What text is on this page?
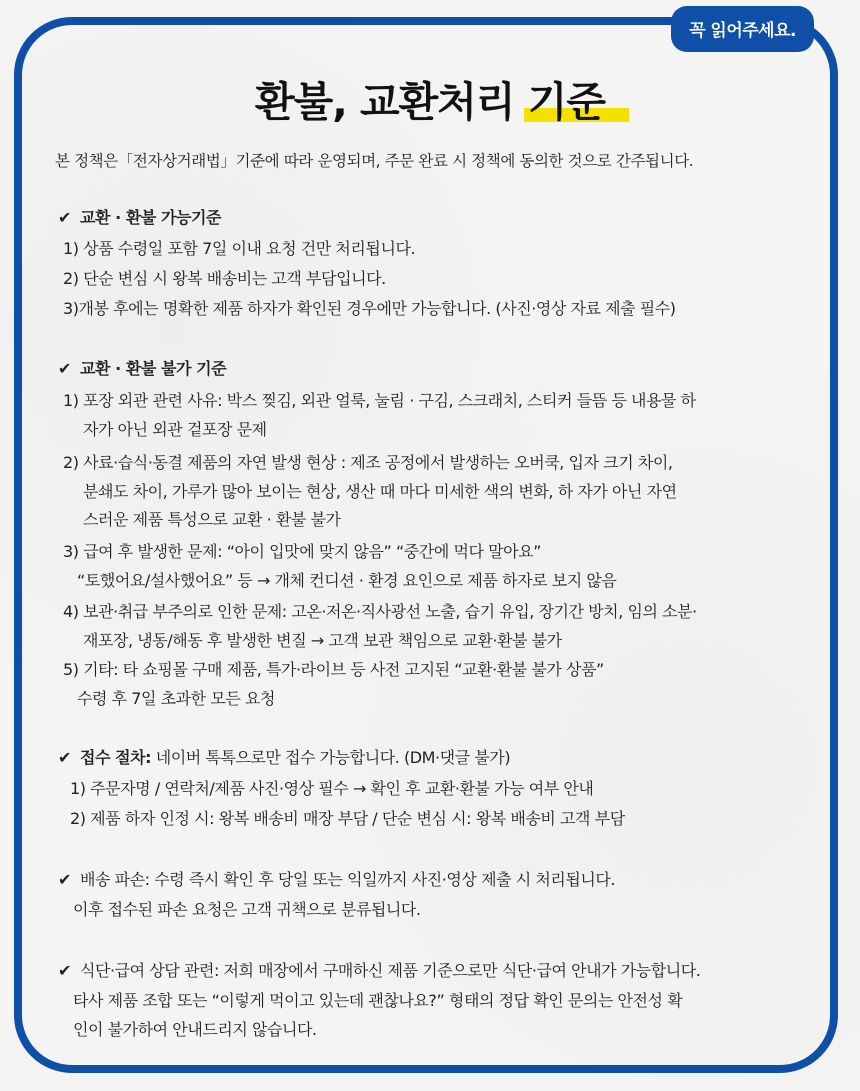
꼭 읽어주세요.
환불, 교환처리 기준
본 정책은「전자상거래법」기준에 따라 운영되며, 주문 완료 시 정책에 동의한 것으로 간주됩니다.
✔ 교환 · 환불 가능기준
1) 상품 수령일 포함 7일 이내 요청 건만 처리됩니다.
2) 단순 변심 시 왕복 배송비는 고객 부담입니다.
3)개봉 후에는 명확한 제품 하자가 확인된 경우에만 가능합니다. (사진·영상 자료 제출 필수)
✔ 교환 · 환불 불가 기준
1) 포장 외관 관련 사유: 박스 찢김, 외관 얼룩, 눌림 · 구김, 스크래치, 스티커 들뜸 등 내용물 하
자가 아닌 외관 겉포장 문제
2) 사료·습식·동결 제품의 자연 발생 현상 : 제조 공정에서 발생하는 오버쿡, 입자 크기 차이,
분쇄도 차이, 가루가 많아 보이는 현상, 생산 때 마다 미세한 색의 변화, 하 자가 아닌 자연
스러운 제품 특성으로 교환 · 환불 불가
3) 급여 후 발생한 문제: “아이 입맛에 맞지 않음” “중간에 먹다 말아요”
“토했어요/설사했어요” 등 → 개체 컨디션 · 환경 요인으로 제품 하자로 보지 않음
4) 보관·취급 부주의로 인한 문제: 고온·저온·직사광선 노출, 습기 유입, 장기간 방치, 임의 소분·
재포장, 냉동/해동 후 발생한 변질 → 고객 보관 책임으로 교환·환불 불가
5) 기타: 타 쇼핑몰 구매 제품, 특가·라이브 등 사전 고지된 “교환·환불 불가 상품”
수령 후 7일 초과한 모든 요청
✔ 접수 절차: 네이버 톡톡으로만 접수 가능합니다. (DM·댓글 불가)
1) 주문자명 / 연락처/제품 사진·영상 필수 → 확인 후 교환·환불 가능 여부 안내
2) 제품 하자 인정 시: 왕복 배송비 매장 부담 / 단순 변심 시: 왕복 배송비 고객 부담
✔ 배송 파손: 수령 즉시 확인 후 당일 또는 익일까지 사진·영상 제출 시 처리됩니다.
이후 접수된 파손 요청은 고객 귀책으로 분류됩니다.
✔ 식단·급여 상담 관련: 저희 매장에서 구매하신 제품 기준으로만 식단·급여 안내가 가능합니다.
타사 제품 조합 또는 “이렇게 먹이고 있는데 괜찮나요?” 형태의 정답 확인 문의는 안전성 확
인이 불가하여 안내드리지 않습니다.
